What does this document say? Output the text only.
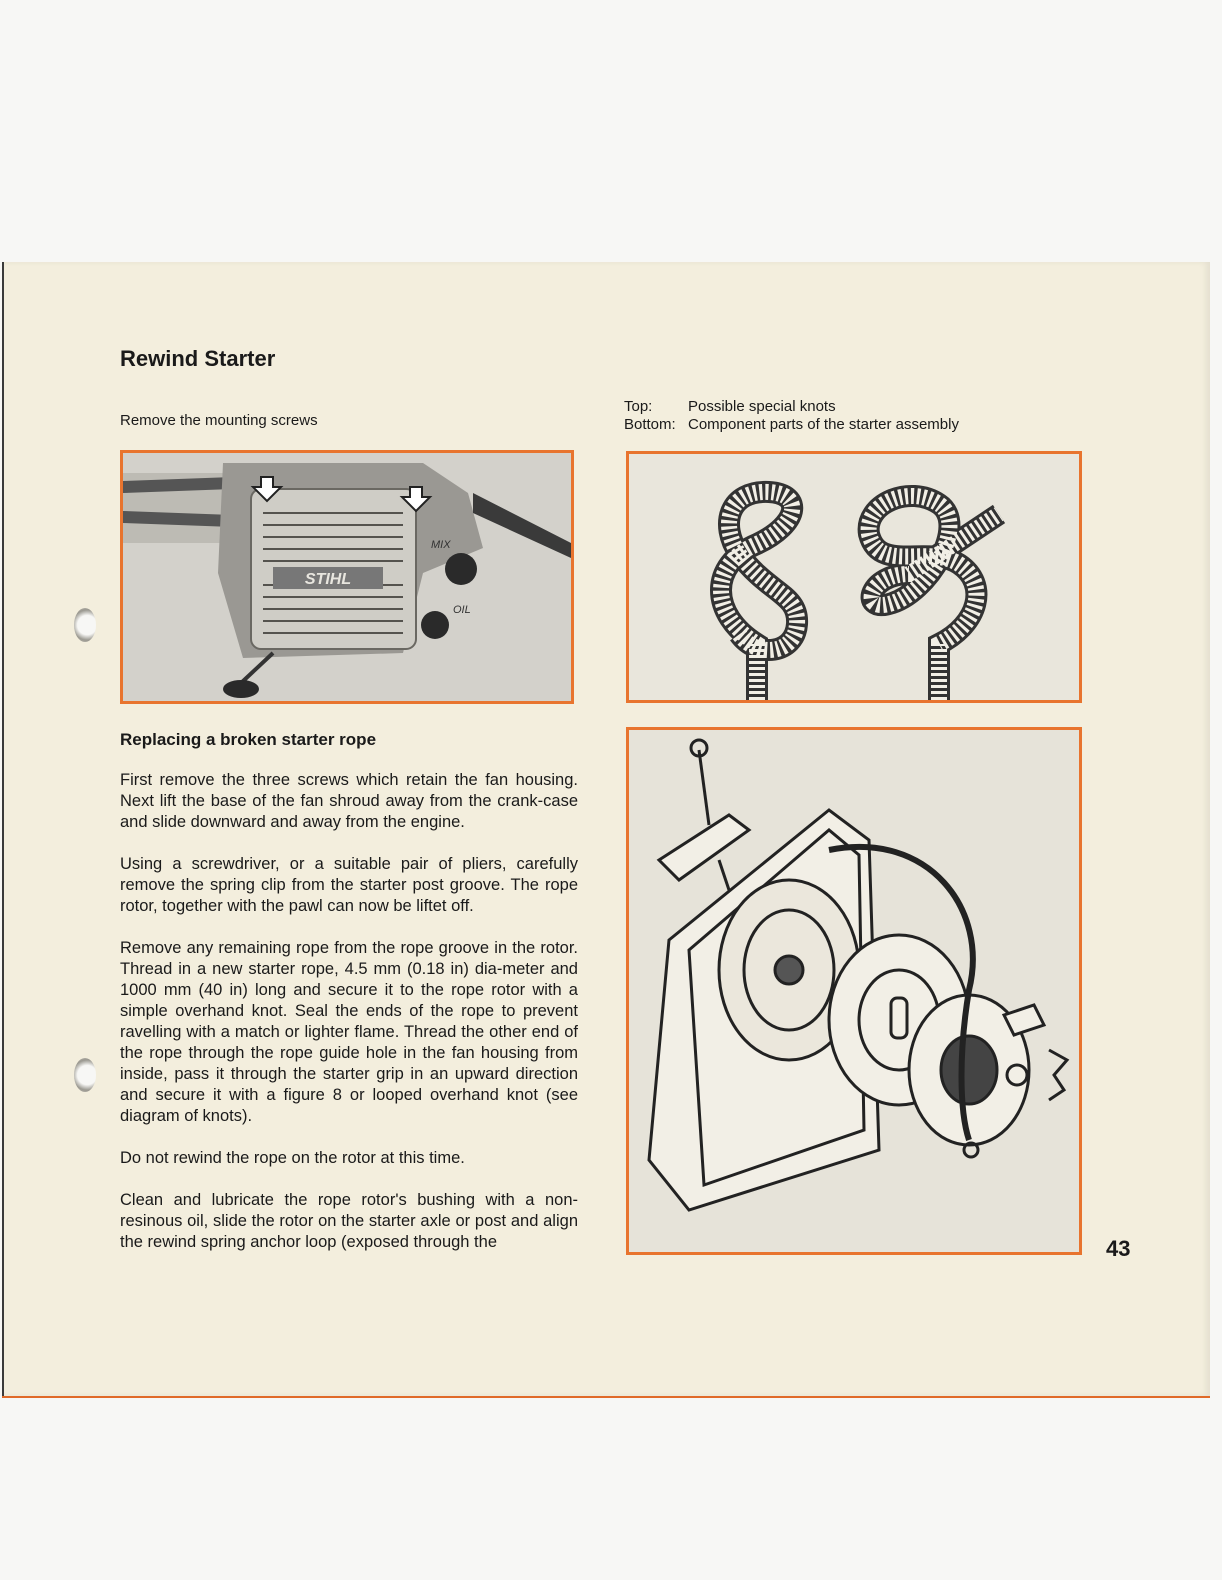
Rewind Starter
Remove the mounting screws
Top:	Possible special knots
Bottom: Component parts of the starter assembly
STIHL
MIX
OIL
Replacing a broken starter rope

First remove the three screws which retain the fan housing. Next lift the base of the fan shroud away from the crank-case and slide downward and away from the engine.

Using a screwdriver, or a suitable pair of pliers, carefully remove the spring clip from the starter post groove. The rope rotor, together with the pawl can now be liftet off.

Remove any remaining rope from the rope groove in the rotor. Thread in a new starter rope, 4.5 mm (0.18 in) dia-meter and 1000 mm (40 in) long and secure it to the rope rotor with a simple overhand knot. Seal the ends of the rope to prevent ravelling with a match or lighter flame. Thread the other end of the rope through the rope guide hole in the fan housing from inside, pass it through the starter grip in an upward direction and secure it with a figure 8 or looped overhand knot (see diagram of knots).

Do not rewind the rope on the rotor at this time.

Clean and lubricate the rope rotor's bushing with a non-resinous oil, slide the rotor on the starter axle or post and align the rewind spring anchor loop (exposed through the	43
